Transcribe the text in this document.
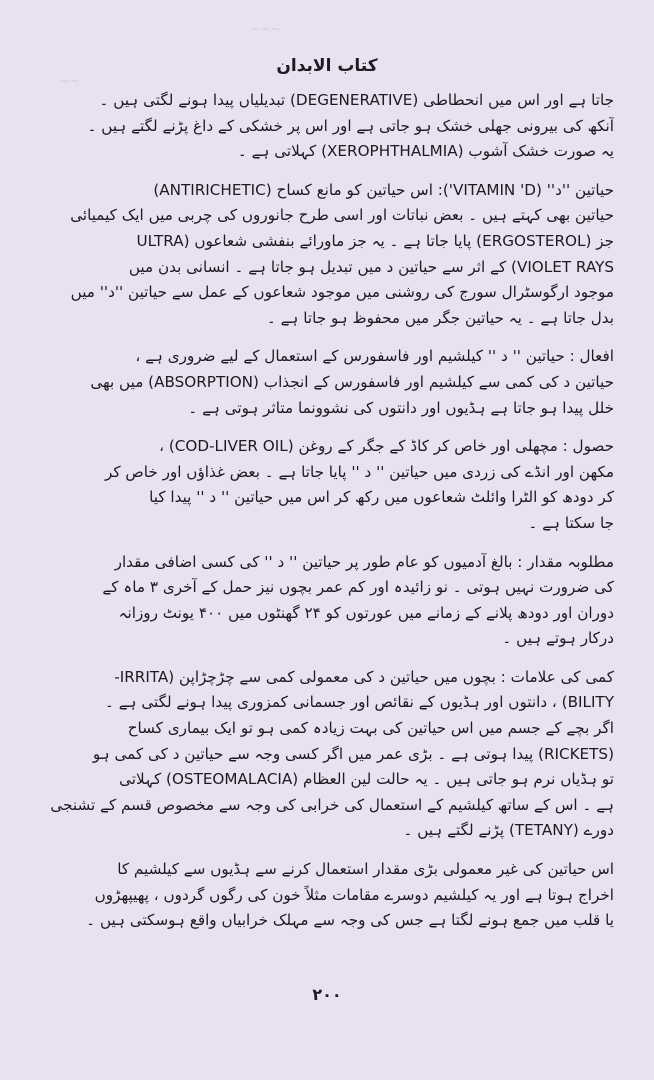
~~~
~~
کتاب الابدان
جاتا ہے اور اس میں انحطاطی (DEGENERATIVE) تبدیلیاں پیدا ہونے لگتی ہیں ۔
آنکھ کی بیرونی جھلی خشک ہو جاتی ہے اور اس پر خشکی کے داغ پڑنے لگتے ہیں ۔
یہ صورت خشک آشوب (XEROPHTHALMIA) کہلاتی ہے ۔
حیاتین ''د'' (VITAMIN 'D'): اس حیاتین کو مانع کساح (ANTIRICHETIC)
حیاتین بھی کہتے ہیں ۔ بعض نباتات اور اسی طرح جانوروں کی چربی میں ایک کیمیائی
جز (ERGOSTEROL) پایا جاتا ہے ۔ یہ جز ماورائے بنفشی شعاعوں (ULTRA
VIOLET RAYS) کے اثر سے حیاتین د میں تبدیل ہو جاتا ہے ۔ انسانی بدن میں
موجود ارگوسٹرال سورج کی روشنی میں موجود شعاعوں کے عمل سے حیاتین ''د'' میں
بدل جاتا ہے ۔ یہ حیاتین جگر میں محفوظ ہو جاتا ہے ۔
افعال : حیاتین '' د '' کیلشیم اور فاسفورس کے استعمال کے لیے ضروری ہے ،
حیاتین د کی کمی سے کیلشیم اور فاسفورس کے انجذاب (ABSORPTION) میں بھی
خلل پیدا ہو جاتا ہے ہڈیوں اور دانتوں کی نشوونما متاثر ہوتی ہے ۔
حصول : مچھلی اور خاص کر کاڈ کے جگر کے روغن (COD-LIVER OIL) ،
مکھن اور انڈے کی زردی میں حیاتین '' د '' پایا جاتا ہے ۔ بعض غذاؤں اور خاص کر
کر دودھ کو الٹرا وائلٹ شعاعوں میں رکھ کر اس میں حیاتین '' د '' پیدا کیا
جا سکتا ہے ۔
مطلوبہ مقدار : بالغ آدمیوں کو عام طور پر حیاتین '' د '' کی کسی اضافی مقدار
کی ضرورت نہیں ہوتی ۔ نو زائیدہ اور کم عمر بچوں نیز حمل کے آخری ۳ ماہ کے
دوران اور دودھ پلانے کے زمانے میں عورتوں کو ۲۴ گھنٹوں میں ۴۰۰ یونٹ روزانہ
درکار ہوتے ہیں ۔
کمی کی علامات : بچوں میں حیاتین د کی معمولی کمی سے چڑچڑاپن (IRRITA-
BILITY) ، دانتوں اور ہڈیوں کے نقائص اور جسمانی کمزوری پیدا ہونے لگتی ہے ۔
اگر بچے کے جسم میں اس حیاتین کی بہت زیادہ کمی ہو تو ایک بیماری کساح
(RICKETS) پیدا ہوتی ہے ۔ بڑی عمر میں اگر کسی وجہ سے حیاتین د کی کمی ہو
تو ہڈیاں نرم ہو جاتی ہیں ۔ یہ حالت لین العظام (OSTEOMALACIA) کہلاتی
ہے ۔ اس کے ساتھ کیلشیم کے استعمال کی خرابی کی وجہ سے مخصوص قسم کے تشنجی
دورے (TETANY) پڑنے لگتے ہیں ۔
اس حیاتین کی غیر معمولی بڑی مقدار استعمال کرنے سے ہڈیوں سے کیلشیم کا
اخراج ہوتا ہے اور یہ کیلشیم دوسرے مقامات مثلاً خون کی رگوں گردوں ، پھیپھڑوں
یا قلب میں جمع ہونے لگتا ہے جس کی وجہ سے مہلک خرابیاں واقع ہوسکتی ہیں ۔
۲۰۰
